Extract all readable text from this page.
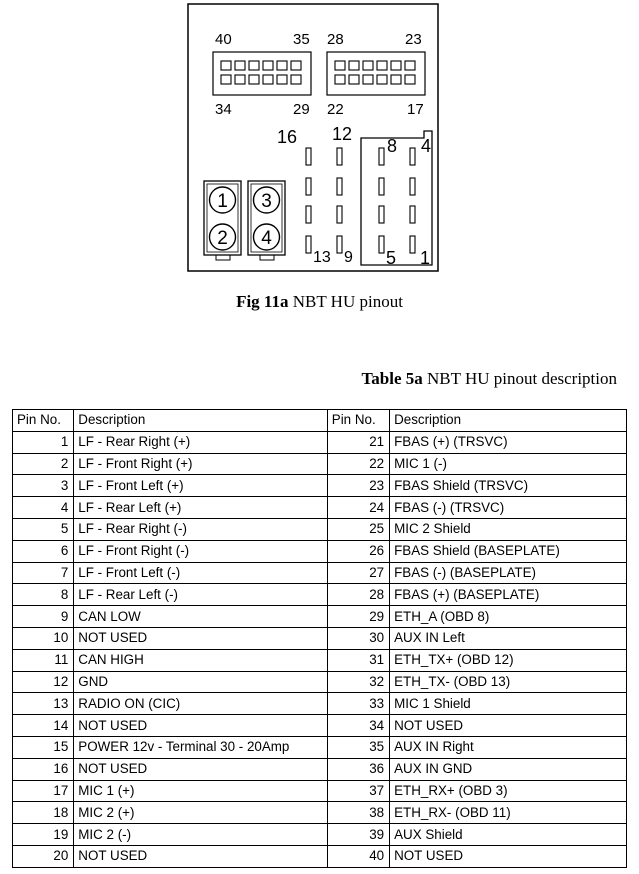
40	35 28	23
34	29 22	17
16 12
8 4
13 9 5 1
1
2
3
4
Fig 11a NBT HU pinout
Table 5a NBT HU pinout description
Pin No.	Description	Pin No.	Description
1	LF - Rear Right (+)	21	FBAS (+) (TRSVC)
2	LF - Front Right (+)	22	MIC 1 (-)
3	LF - Front Left (+)	23	FBAS Shield (TRSVC)
4	LF - Rear Left (+)	24	FBAS (-) (TRSVC)
5	LF - Rear Right (-)	25	MIC 2 Shield
6	LF - Front Right (-)	26	FBAS Shield (BASEPLATE)
7	LF - Front Left (-)	27	FBAS (-) (BASEPLATE)
8	LF - Rear Left (-)	28	FBAS (+) (BASEPLATE)
9	CAN LOW	29	ETH_A (OBD 8)
10	NOT USED	30	AUX IN Left
11	CAN HIGH	31	ETH_TX+ (OBD 12)
12	GND	32	ETH_TX- (OBD 13)
13	RADIO ON (CIC)	33	MIC 1 Shield
14	NOT USED	34	NOT USED
15	POWER 12v - Terminal 30 - 20Amp	35	AUX IN Right
16	NOT USED	36	AUX IN GND
17	MIC 1 (+)	37	ETH_RX+ (OBD 3)
18	MIC 2 (+)	38	ETH_RX- (OBD 11)
19	MIC 2 (-)	39	AUX Shield
20	NOT USED	40	NOT USED
